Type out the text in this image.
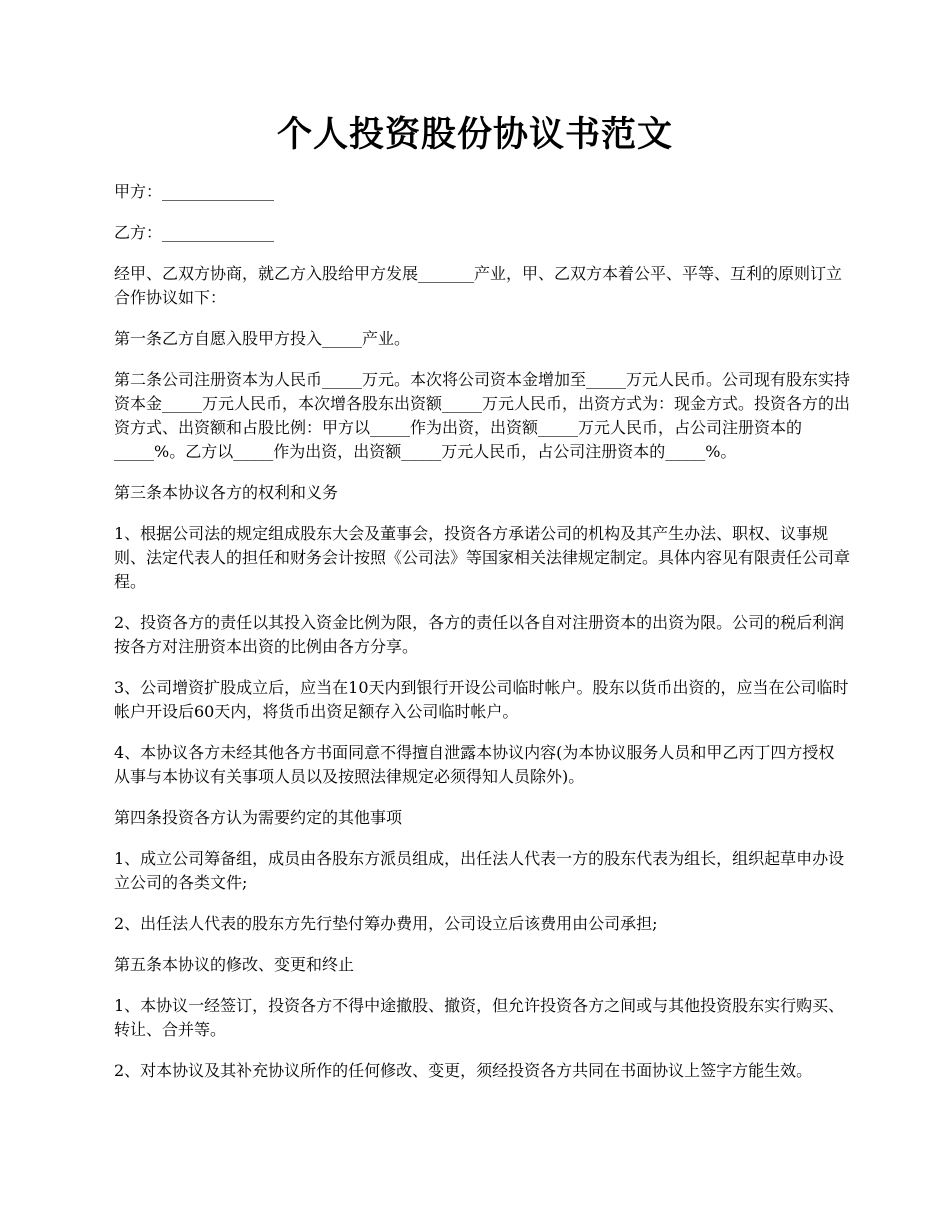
个人投资股份协议书范文

甲方：______________

乙方：______________

经甲、乙双方协商，就乙方入股给甲方发展_______产业，甲、乙双方本着公平、平等、互利的原则订立合作协议如下：

第一条乙方自愿入股甲方投入_____产业。

第二条公司注册资本为人民币_____万元。本次将公司资本金增加至_____万元人民币。公司现有股东实持资本金_____万元人民币，本次增各股东出资额_____万元人民币，出资方式为：现金方式。投资各方的出资方式、出资额和占股比例：甲方以_____作为出资，出资额_____万元人民币，占公司注册资本的_____%。乙方以_____作为出资，出资额_____万元人民币，占公司注册资本的_____%。

第三条本协议各方的权利和义务

1、根据公司法的规定组成股东大会及董事会，投资各方承诺公司的机构及其产生办法、职权、议事规则、法定代表人的担任和财务会计按照《公司法》等国家相关法律规定制定。具体内容见有限责任公司章程。

2、投资各方的责任以其投入资金比例为限，各方的责任以各自对注册资本的出资为限。公司的税后利润按各方对注册资本出资的比例由各方分享。

3、公司增资扩股成立后，应当在10天内到银行开设公司临时帐户。股东以货币出资的，应当在公司临时帐户开设后60天内，将货币出资足额存入公司临时帐户。

4、本协议各方未经其他各方书面同意不得擅自泄露本协议内容(为本协议服务人员和甲乙丙丁四方授权从事与本协议有关事项人员以及按照法律规定必须得知人员除外)。

第四条投资各方认为需要约定的其他事项

1、成立公司筹备组，成员由各股东方派员组成，出任法人代表一方的股东代表为组长，组织起草申办设立公司的各类文件;

2、出任法人代表的股东方先行垫付筹办费用，公司设立后该费用由公司承担;

第五条本协议的修改、变更和终止

1、本协议一经签订，投资各方不得中途撤股、撤资，但允许投资各方之间或与其他投资股东实行购买、转让、合并等。

2、对本协议及其补充协议所作的任何修改、变更，须经投资各方共同在书面协议上签字方能生效。
